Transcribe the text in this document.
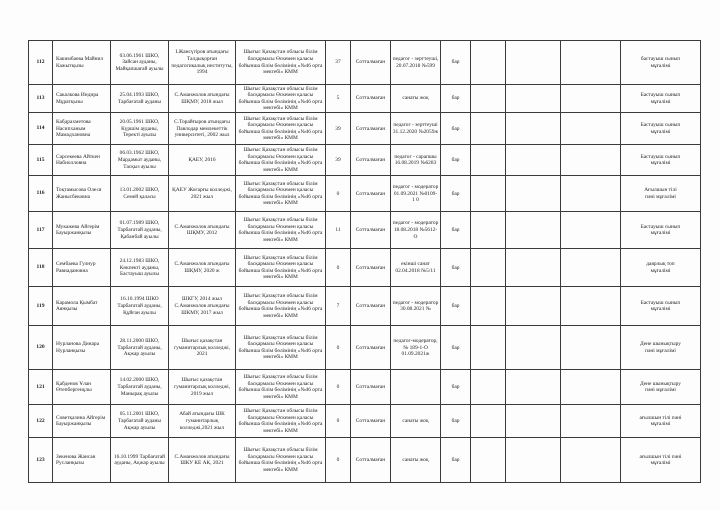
112	Какимбаева Майнил Кажытқызы	03.06.1961 ШКО, Зайсан ауданы, Майқапшағай ауылы	І.Жансүгіров атындағы Талдықорған педагогикалық институты, 1994	Шығыс Қазақстан облысы білім басқармасы Өскемен қаласы бойынша білім бөлімінің «№46 орта мектебі» КММ	37	Сотталмаған	педагог - зерттеуші, 20.07.2018 №599	бар				бастауыш сынып мұғалімі
113	Сакалкова Индира Мұратқызы	25.04.1993 ШКО, Тарбағатай ауданы	С.Аманжолов атындағы ШҚМУ, 2018 жыл	Шығыс Қазақстан облысы білім басқармасы Өскемен қаласы бойынша білім бөлімінің «№46 орта мектебі» КММ	5	Сотталмаған	санаты жоқ	бар				Бастауыш сынып мұғалімі
114	Кабдрахметова Насипханым Мамадхановна	20.05.1961 ШКО, Күршім ауданы, Теректі ауылы	С.Торайғыров атындағы Павлодар мемлекеттік университеті, 2002 жыл	Шығыс Қазақстан облысы білім басқармасы Өскемен қаласы бойынша білім бөлімінің «№46 орта мектебі» КММ	39	Сотталмаған	педагог - зерттеуші 31.12.2020 №2059ж	бар				Бастауыш сынып мұғалімі
115	Сәрсекеева Айткен Набиолловна	06.03.1962 ШКО, Мардамыт ауданы, Тасқыз ауылы	ҚАЕУ, 2016	Шығыс Қазақстан облысы білім басқармасы Өскемен қаласы бойынша білім бөлімінің «№46 орта мектебі» КММ	39	Сотталмаған	педагог - сарапшы 16.08.2019 №6283	бар				Бастауыш сынып мұғалімі
116	Тоқтамысова Олеся Жанысбековна	13.01.2002 ШКО, Семей қаласы	ҚАЕУ Жоғарғы колледжі, 2021 жыл	Шығыс Қазақстан облысы білім басқармасы Өскемен қаласы бойынша білім бөлімінің «№46 орта мектебі» КММ	0	Сотталмаған	педагог - модератор 01.09.2021 №0109-1 0	бар				Ағылшын тілі пәні мұғалімі
117	Мукажева Айгерім Бауыржанқызы	01.07.1989 ШКО, Тарбағатай ауданы, Қабанбай ауылы	С.Аманжолов атындағы ШҚМУ, 2012	Шығыс Қазақстан облысы білім басқармасы Өскемен қаласы бойынша білім бөлімінің «№46 орта мектебі» КММ	11	Сотталмаған	педагог - модератор 18.08.2018 №5612-О	бар				Бастауыш сынып мұғалімі
118	Сембаева Гулнур Равиадановна	24.12.1983 ШКО, Көкпекті ауданы, Бастауыш ауылы	С.Аманжолов атындағы ШҚМУ, 2020 ж	Шығыс Қазақстан облысы білім басқармасы Өскемен қаласы бойынша білім бөлімінің «№46 орта мектебі» КММ	0	Сотталмаған	екінші санат 02.04.2018 №5/11	бар				даярлық топ мұғалімі
119	Карамола Қымбат Аянқызы	16.10.1994 ШКО Тарбағатай ауданы, Құйған ауылы	ШКГУ, 2014 жыл С.Аманжолов атындағы ШКМУ, 2017 жыл	Шығыс Қазақстан облысы білім басқармасы Өскемен қаласы бойынша білім бөлімінің «№46 орта мектебі» КММ	7	Сотталмаған	педагог - модератор 30.08.2021 №	бар				Бастауыш сынып мұғалімі
120	Нурланова Динара Нурланқызы	28.11.2000 ШКО, Тарбағатай ауданы, Ақжар ауылы	Шығыс қазақстан гуманитарлық колледжі, 2021	Шығыс Қазақстан облысы білім басқармасы Өскемен қаласы бойынша білім бөлімінің «№46 орта мектебі» КММ	0	Сотталмаған	педагог-модератор, № 189-1-О 01.09.2021ж	бар				Дене шынықтыру пәні мұғалімі
121	Қабденов Ұлан Өтепбергенұлы	14.02.2000 ШКО, Тарбағатай ауданы, Манырақ ауылы	Шығыс қазақстан гуманитарлық колледжі, 2019 жыл	Шығыс Қазақстан облысы білім басқармасы Өскемен қаласы бойынша білім бөлімінің «№46 орта мектебі» КММ	0	Сотталмаған		бар				Дене шынықтыру пәні мұғалімі
122	Советқазина Айгерім Бауыржанқызы	05.11.2001 ШКО, Тарбағатай ауданы Ақжар ауылы	Абай атындағы ШК гуманитарлық колледжі,2021 жыл	Шығыс Қазақстан облысы білім басқармасы Өскемен қаласы бойынша білім бөлімінің «№46 орта мектебі» КММ	0	Сотталмаған	санаты жоқ	бар				ағылшын тілі пәні мұғалімі
123	Зекенова Жансая Русланқызы	16.10.1999 Тарбағатай ауданы, Ақжар ауылы	С.Аманжолов атындағы ШКУ КЕ АК, 2021	Шығыс Қазақстан облысы білім басқармасы Өскемен қаласы бойынша білім бөлімінің «№46 орта мектебі» КММ	0	Сотталмаған	санаты жоқ	бар				ағылшын тілі пәні мұғалімі
